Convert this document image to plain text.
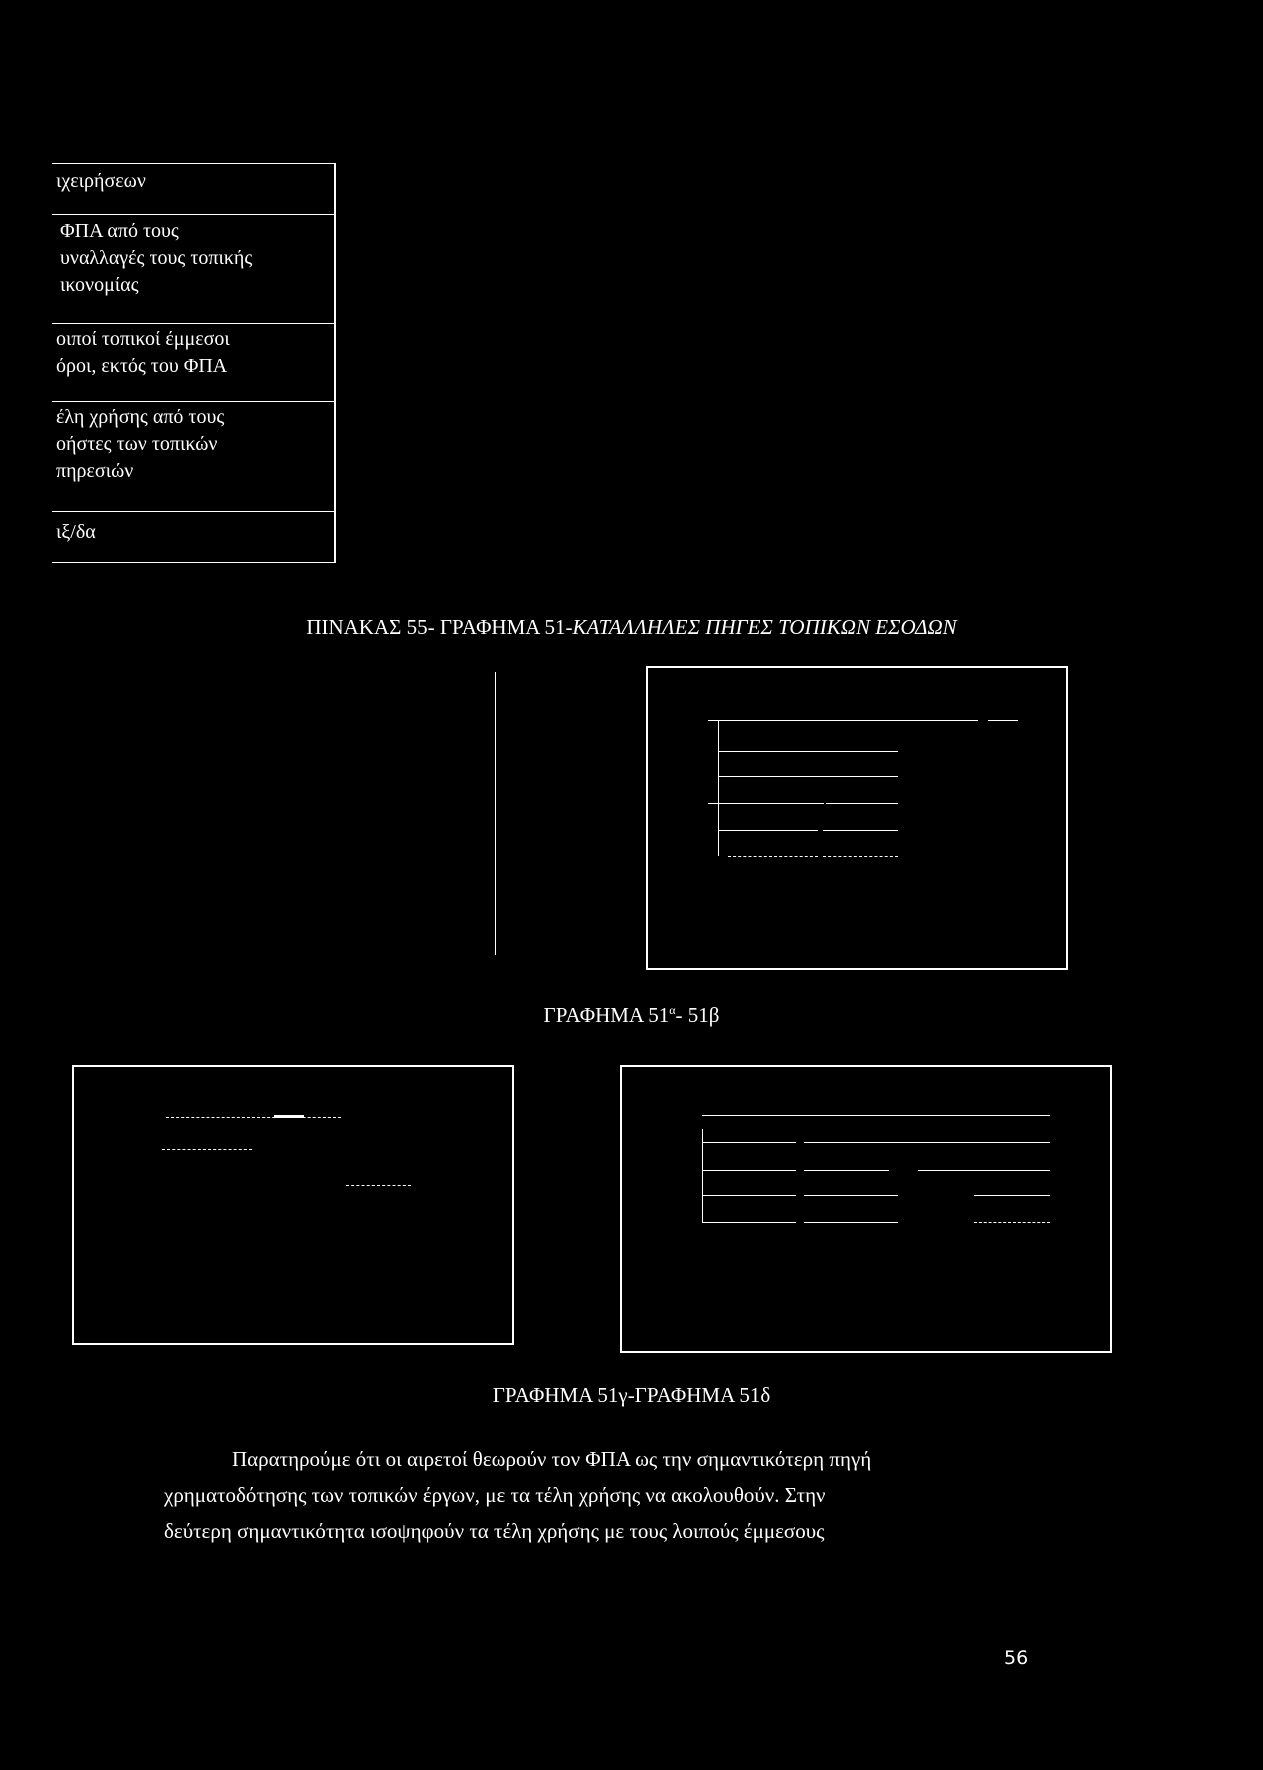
ιχειρήσεων
ΦΠΑ από τους
υναλλαγές τους τοπικής
ικονομίας
οιποί τοπικοί έμμεσοι
όροι, εκτός του ΦΠΑ
έλη χρήσης από τους
οήστες των τοπικών
πηρεσιών
ιξ/δα
ΠΙΝΑΚΑΣ 55- ΓΡΑΦΗΜΑ 51-ΚΑΤΑΛΛΗΛΕΣ ΠΗΓΕΣ ΤΟΠΙΚΩΝ ΕΣΟΔΩΝ
ΓΡΑΦΗΜΑ $51^\alpha-$ 51β
ΓΡΑΦΗΜΑ 51γ-ΓΡΑΦΗΜΑ 51δ
Παρατηρούμε ότι οι αιρετοί θεωρούν τον ΦΠΑ ως την σημαντικότερη πηγή
χρηματοδότησης των τοπικών έργων, με τα τέλη χρήσης να ακολουθούν. Στην
δεύτερη σημαντικότητα ισοψηφούν τα τέλη χρήσης με τους λοιπούς έμμεσους
56
